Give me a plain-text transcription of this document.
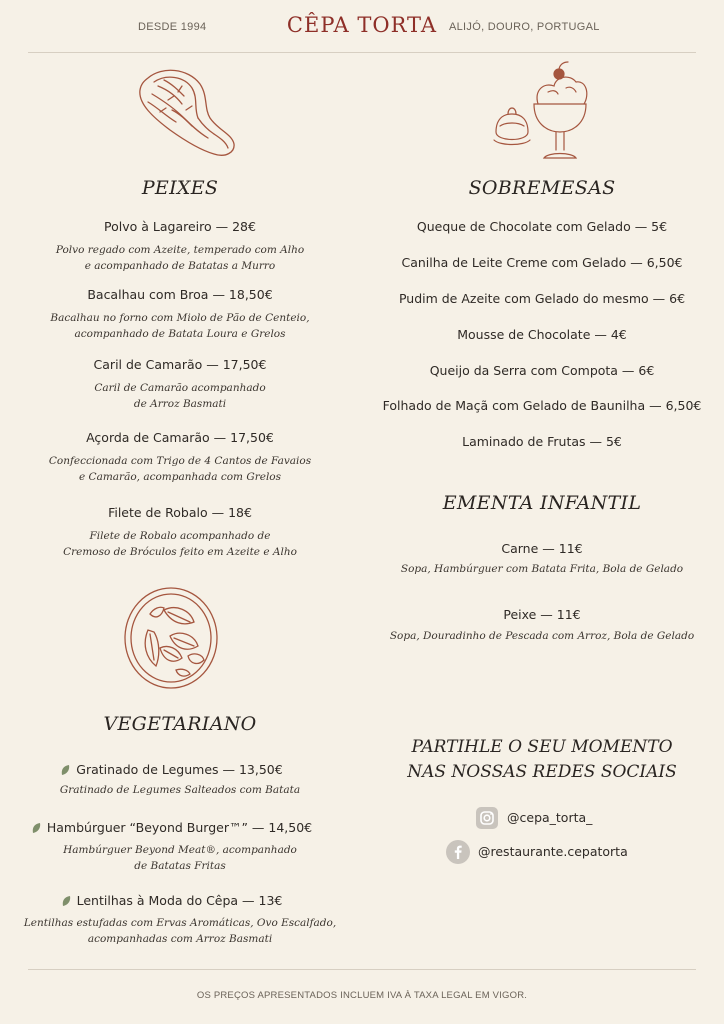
DESDE 1994	CÊPA TORTA	ALIJÓ, DOURO, PORTUGAL
PEIXES
Polvo à Lagareiro — 28€
Polvo regado com Azeite, temperado com Alho
e acompanhado de Batatas a Murro
Bacalhau com Broa — 18,50€
Bacalhau no forno com Miolo de Pão de Centeio,
acompanhado de Batata Loura e Grelos
Caril de Camarão — 17,50€
Caril de Camarão acompanhado
de Arroz Basmati
Açorda de Camarão — 17,50€
Confeccionada com Trigo de 4 Cantos de Favaios
e Camarão, acompanhada com Grelos
Filete de Robalo — 18€
Filete de Robalo acompanhado de
Cremoso de Bróculos feito em Azeite e Alho
VEGETARIANO
Gratinado de Legumes — 13,50€
Gratinado de Legumes Salteados com Batata
Hambúrguer “Beyond Burger™” — 14,50€
Hambúrguer Beyond Meat®, acompanhado
de Batatas Fritas
Lentilhas à Moda do Cêpa — 13€
Lentilhas estufadas com Ervas Aromáticas, Ovo Escalfado,
acompanhadas com Arroz Basmati
SOBREMESAS
Queque de Chocolate com Gelado — 5€
Canilha de Leite Creme com Gelado — 6,50€
Pudim de Azeite com Gelado do mesmo — 6€
Mousse de Chocolate — 4€
Queijo da Serra com Compota — 6€
Folhado de Maçã com Gelado de Baunilha — 6,50€
Laminado de Frutas — 5€
EMENTA INFANTIL
Carne — 11€
Sopa, Hambúrguer com Batata Frita, Bola de Gelado
Peixe — 11€
Sopa, Douradinho de Pescada com Arroz, Bola de Gelado
PARTIHLE O SEU MOMENTO
NAS NOSSAS REDES SOCIAIS
@cepa_torta_
@restaurante.cepatorta
OS PREÇOS APRESENTADOS INCLUEM IVA À TAXA LEGAL EM VIGOR.
